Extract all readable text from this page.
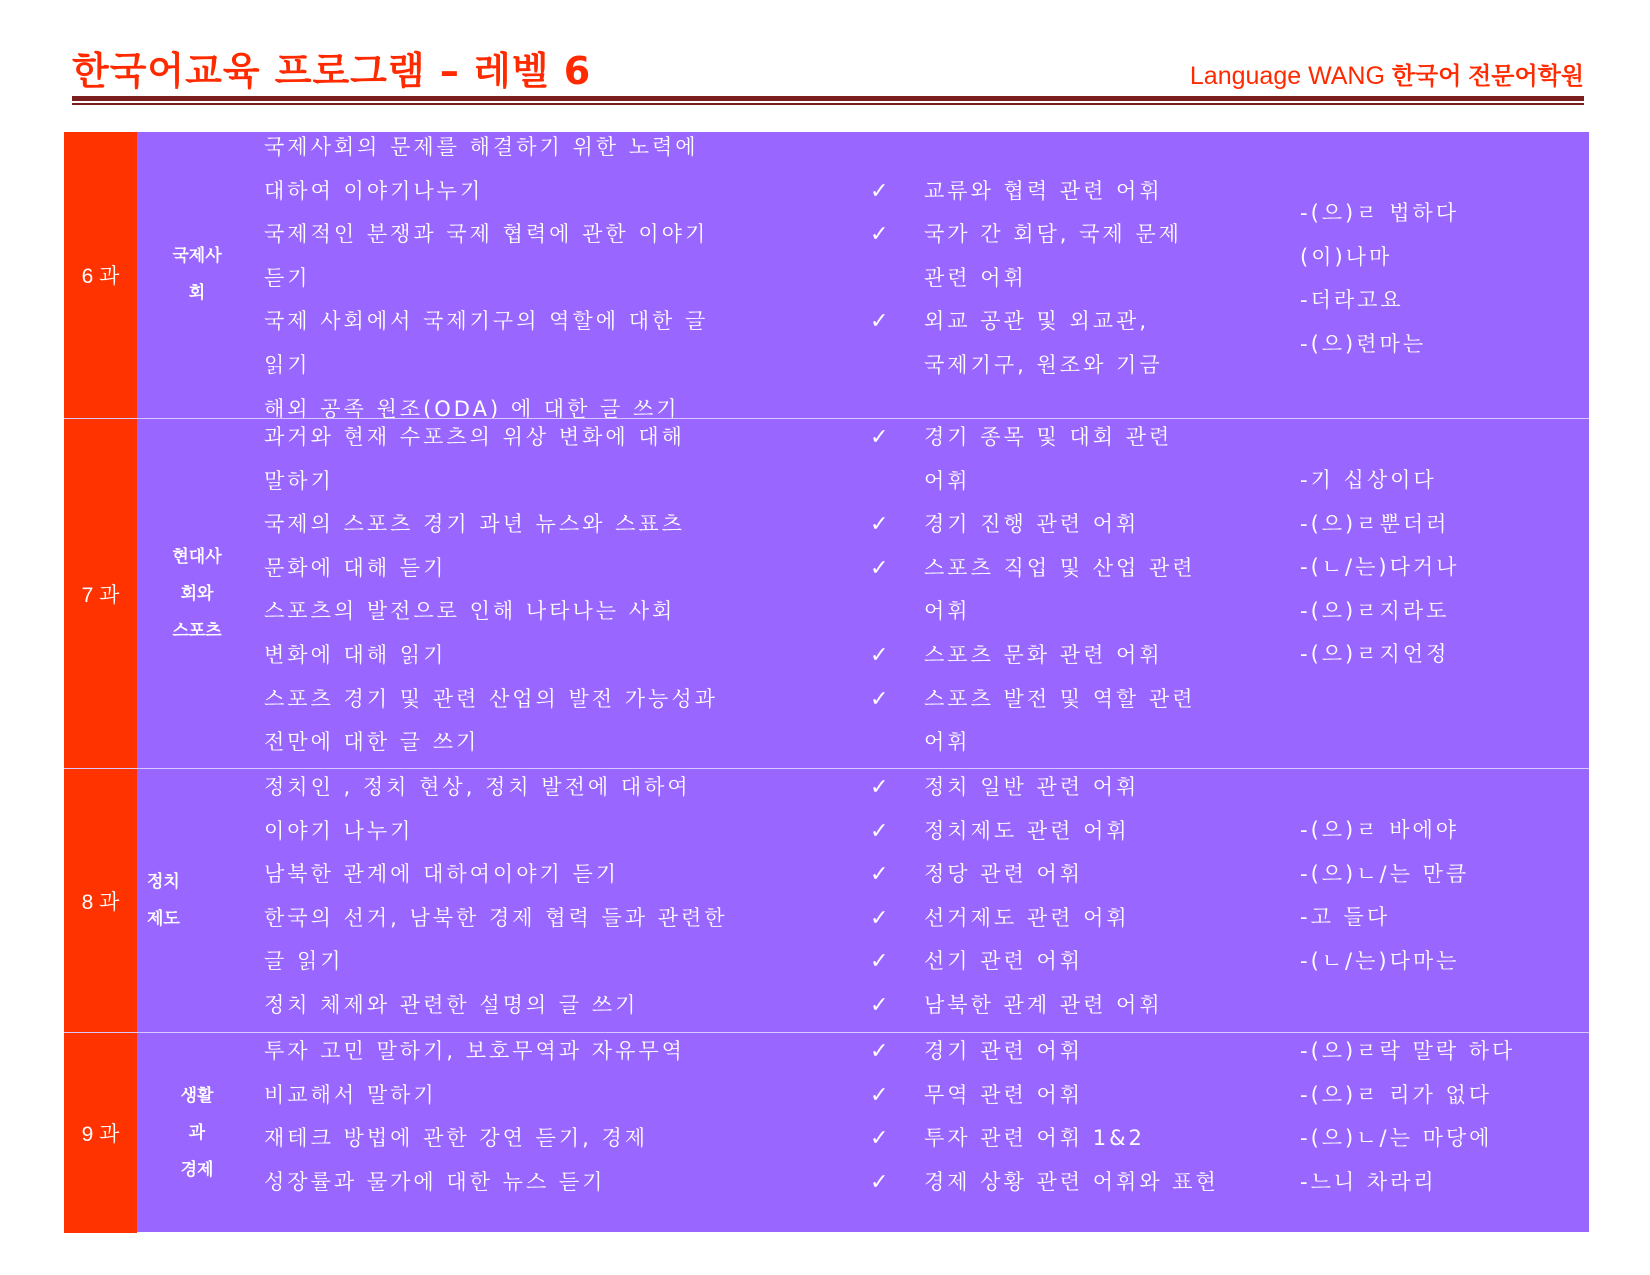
한국어교육 프로그램 – 레벨 6	Language WANG 한국어 전문어학원
6 과
국제사
회
국제사회의 문제를 해결하기 위한 노력에
대하여 이야기나누기
국제적인 분쟁과 국제 협력에 관한 이야기
듣기
국제 사회에서 국제기구의 역할에 대한 글
읽기
해외 공족 원조(ODA) 에 대한 글 쓰기
✓ 교류와 협력 관련 어휘
✓ 국가 간 회담, 국제 문제
관련 어휘
✓ 외교 공관 및 외교관,
국제기구, 원조와 기금
-(으)ㄹ 법하다
(이)나마
-더라고요
-(으)련마는
7 과
현대사
회와
스포츠
과거와 현재 수포츠의 위상 변화에 대해
말하기
국제의 스포츠 경기 과년 뉴스와 스표츠
문화에 대해 듣기
스포츠의 발전으로 인해 나타나는 사회
변화에 대해 읽기
스포츠 경기 및 관련 산업의 발전 가능성과
전만에 대한 글 쓰기
✓ 경기 종목 및 대회 관련
어휘
✓ 경기 진행 관련 어휘
✓ 스포츠 직업 및 산업 관련
어휘
✓ 스포츠 문화 관련 어휘
✓ 스포츠 발전 및 역할 관련
어휘
-기 십상이다
-(으)ㄹ뿐더러
-(ㄴ/는)다거나
-(으)ㄹ지라도
-(으)ㄹ지언정
8 과
정치
제도
정치인 , 정치 현상, 정치 발전에 대하여
이야기 나누기
남북한 관계에 대하여이야기 듣기
한국의 선거, 남북한 경제 협력 들과 관련한
글 읽기
정치 체제와 관련한 설명의 글 쓰기
✓ 정치 일반 관련 어휘
✓ 정치제도 관련 어휘
✓ 정당 관련 어휘
✓ 선거제도 관련 어휘
✓ 선기 관련 어휘
✓ 남북한 관계 관련 어휘
-(으)ㄹ 바에야
-(으)ㄴ/는 만큼
-고 들다
-(ㄴ/는)다마는
9 과
생활
과
경제
투자 고민 말하기, 보호무역과 자유무역
비교해서 말하기
재테크 방법에 관한 강연 듣기, 경제
성장률과 물가에 대한 뉴스 듣기
✓ 경기 관련 어휘
✓ 무역 관련 어휘
✓ 투자 관련 어휘 1&2
✓ 경제 상황 관련 어휘와 표현
-(으)ㄹ락 말락 하다
-(으)ㄹ 리가 없다
-(으)ㄴ/는 마당에
-느니 차라리
